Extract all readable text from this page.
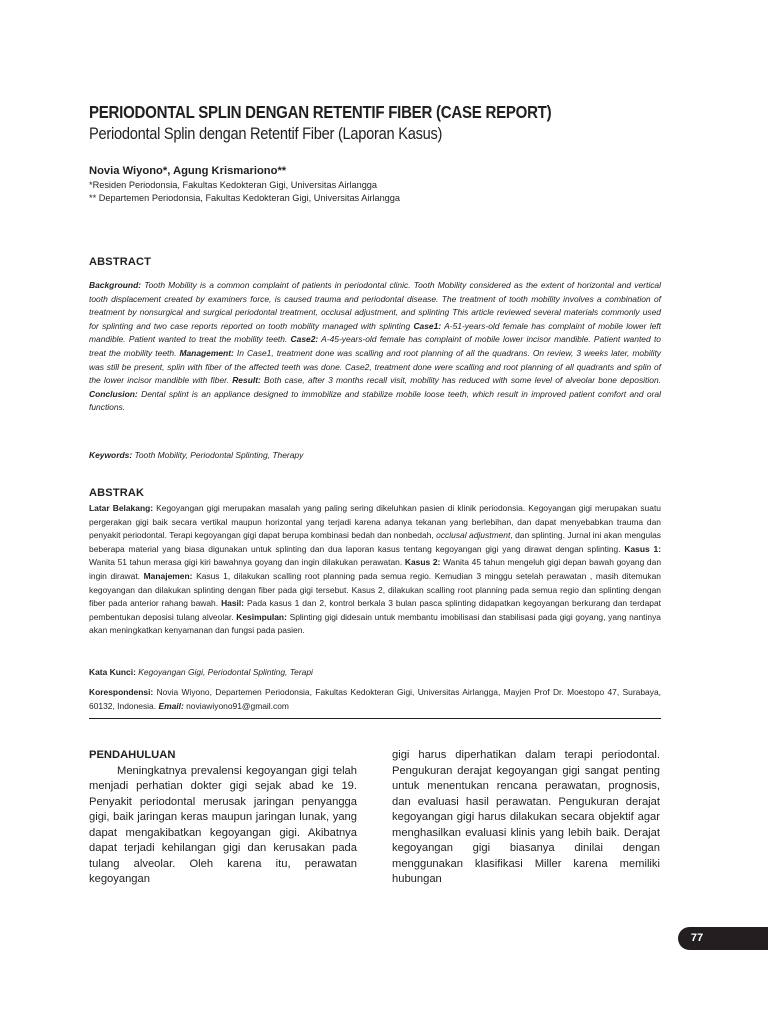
PERIODONTAL SPLIN DENGAN RETENTIF FIBER (CASE REPORT)
Periodontal Splin dengan Retentif Fiber (Laporan Kasus)
Novia Wiyono*, Agung Krismariono**
*Residen Periodonsia, Fakultas Kedokteran Gigi, Universitas Airlangga
** Departemen Periodonsia, Fakultas Kedokteran Gigi, Universitas Airlangga
ABSTRACT
Background: Tooth Mobility is a common complaint of patients in periodontal clinic. Tooth Mobility considered as the extent of horizontal and vertical tooth displacement created by examiners force, is caused trauma and periodontal disease. The treatment of tooth mobility involves a combination of treatment by nonsurgical and surgical periodontal treatment, occlusal adjustment, and splinting This article reviewed several materials commonly used for splinting and two case reports reported on tooth mobility managed with splinting Case1: A-51-years-old female has complaint of mobile lower left mandible. Patient wanted to treat the mobility teeth. Case2: A-45-years-old female has complaint of mobile lower incisor mandible. Patient wanted to treat the mobility teeth. Management: In Case1, treatment done was scalling and root planning of all the quadrans. On review, 3 weeks later, mobility was still be present, splin with fiber of the affected teeth was done. Case2, treatment done were scalling and root planning of all quadrants and splin of the lower incisor mandible with fiber. Result: Both case, after 3 months recall visit, mobility has reduced with some level of alveolar bone deposition. Conclusion: Dental splint is an appliance designed to immobilize and stabilize mobile loose teeth, which result in improved patient comfort and oral functions.
Keywords: Tooth Mobility, Periodontal Splinting, Therapy
ABSTRAK
Latar Belakang: Kegoyangan gigi merupakan masalah yang paling sering dikeluhkan pasien di klinik periodonsia. Kegoyangan gigi merupakan suatu pergerakan gigi baik secara vertikal maupun horizontal yang terjadi karena adanya tekanan yang berlebihan, dan dapat menyebabkan trauma dan penyakit periodontal. Terapi kegoyangan gigi dapat berupa kombinasi bedah dan nonbedah, occlusal adjustment, dan splinting. Jurnal ini akan mengulas beberapa material yang biasa digunakan untuk splinting dan dua laporan kasus tentang kegoyangan gigi yang dirawat dengan splinting. Kasus 1: Wanita 51 tahun merasa gigi kiri bawahnya goyang dan ingin dilakukan perawatan. Kasus 2: Wanita 45 tahun mengeluh gigi depan bawah goyang dan ingin dirawat. Manajemen: Kasus 1, dilakukan scalling root planning pada semua regio. Kemudian 3 minggu setelah perawatan , masih ditemukan kegoyangan dan dilakukan splinting dengan fiber pada gigi tersebut. Kasus 2, dilakukan scalling root planning pada semua regio dan splinting dengan fiber pada anterior rahang bawah. Hasil: Pada kasus 1 dan 2, kontrol berkala 3 bulan pasca splinting didapatkan kegoyangan berkurang dan terdapat pembentukan deposisi tulang alveolar. Kesimpulan: Splinting gigi didesain untuk membantu imobilisasi dan stabilisasi pada gigi goyang, yang nantinya akan meningkatkan kenyamanan dan fungsi pada pasien.
Kata Kunci: Kegoyangan Gigi, Periodontal Splinting, Terapi
Korespondensi: Novia Wiyono, Departemen Periodonsia, Fakultas Kedokteran Gigi, Universitas Airlangga, Mayjen Prof Dr. Moestopo 47, Surabaya, 60132, Indonesia. Email: noviawiyono91@gmail.com
PENDAHULUAN
Meningkatnya prevalensi kegoyangan gigi telah menjadi perhatian dokter gigi sejak abad ke 19. Penyakit periodontal merusak jaringan penyangga gigi, baik jaringan keras maupun jaringan lunak, yang dapat mengakibatkan kegoyangan gigi. Akibatnya dapat terjadi kehilangan gigi dan kerusakan pada tulang alveolar. Oleh karena itu, perawatan kegoyangan
gigi harus diperhatikan dalam terapi periodontal. Pengukuran derajat kegoyangan gigi sangat penting untuk menentukan rencana perawatan, prognosis, dan evaluasi hasil perawatan. Pengukuran derajat kegoyangan gigi harus dilakukan secara objektif agar menghasilkan evaluasi klinis yang lebih baik. Derajat kegoyangan gigi biasanya dinilai dengan menggunakan klasifikasi Miller karena memiliki hubungan
77
